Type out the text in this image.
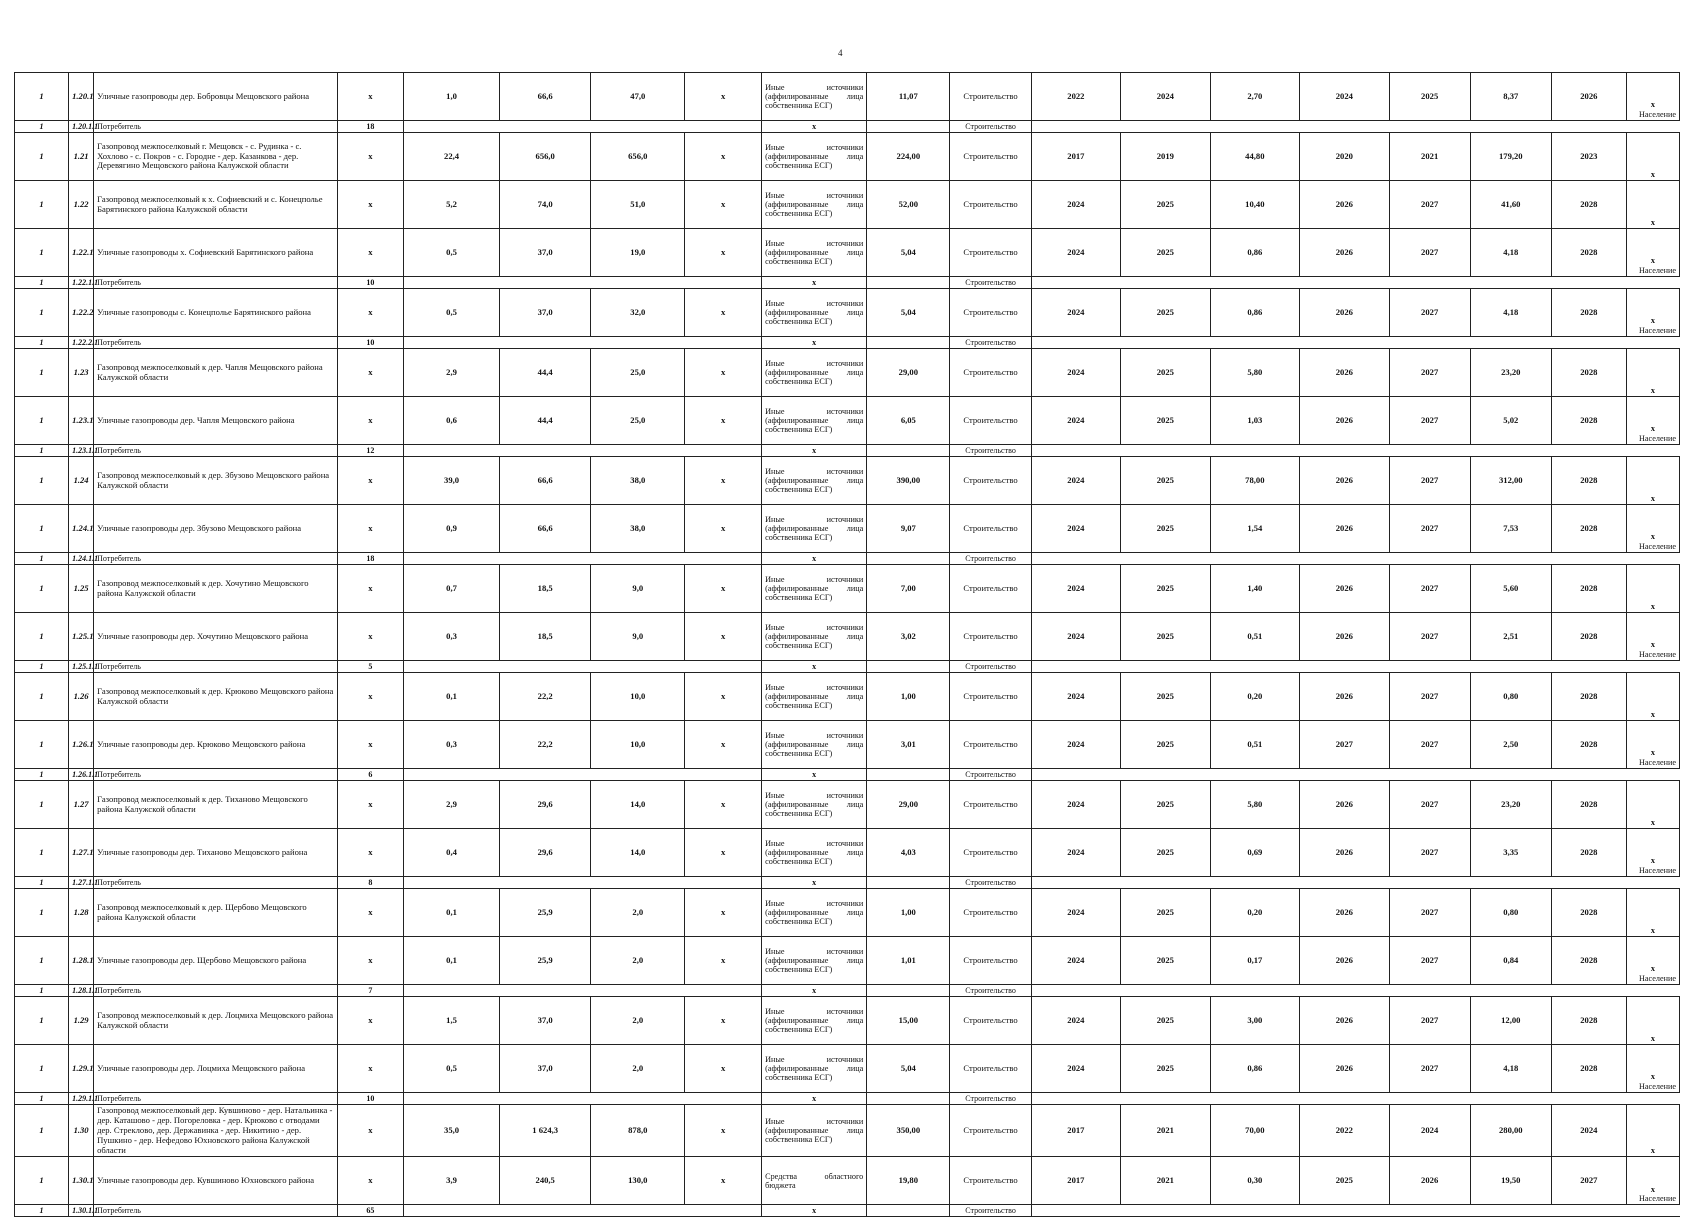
4
1	1.20.1	Уличные газопроводы дер. Бобровцы Мещовского района	х	1,0	66,6	47,0	х	Иные источники (аффилированные лица собственника ЕСГ)	11,07	Строительство	2022	2024	2,70	2024	2025	8,37	2026	х
Население

1	1.20.1.1	Потребитель	18					х		Строительство								
1	1.21	Газопровод межпоселковый г. Мещовск - с. Рудинка - с. Хохлово - с. Покров - с. Городнe - дер. Казанкова - дер. Деревягино Мещовского района Калужской области	х	22,4	656,0	656,0	х	Иные источники (аффилированные лица собственника ЕСГ)	224,00	Строительство	2017	2019	44,80	2020	2021	179,20	2023	х

1	1.22	Газопровод межпоселковый к х. Софиевский и с. Конецполье Барятинского района Калужской области	х	5,2	74,0	51,0	х	Иные источники (аффилированные лица собственника ЕСГ)	52,00	Строительство	2024	2025	10,40	2026	2027	41,60	2028	х

1	1.22.1	Уличные газопроводы х. Софиевский Барятинского района	х	0,5	37,0	19,0	х	Иные источники (аффилированные лица собственника ЕСГ)	5,04	Строительство	2024	2025	0,86	2026	2027	4,18	2028	х
Население

1	1.22.1.1	Потребитель	10					х		Строительство								
1	1.22.2	Уличные газопроводы с. Конецполье Барятинского района	х	0,5	37,0	32,0	х	Иные источники (аффилированные лица собственника ЕСГ)	5,04	Строительство	2024	2025	0,86	2026	2027	4,18	2028	х
Население

1	1.22.2.1	Потребитель	10					х		Строительство								
1	1.23	Газопровод межпоселковый к дер. Чапля Мещовского района Калужской области	х	2,9	44,4	25,0	х	Иные источники (аффилированные лица собственника ЕСГ)	29,00	Строительство	2024	2025	5,80	2026	2027	23,20	2028	х

1	1.23.1	Уличные газопроводы дер. Чапля Мещовского района	х	0,6	44,4	25,0	х	Иные источники (аффилированные лица собственника ЕСГ)	6,05	Строительство	2024	2025	1,03	2026	2027	5,02	2028	х
Население

1	1.23.1.1	Потребитель	12					х		Строительство								
1	1.24	Газопровод межпоселковый к дер. Збузово Мещовского района Калужской области	х	39,0	66,6	38,0	х	Иные источники (аффилированные лица собственника ЕСГ)	390,00	Строительство	2024	2025	78,00	2026	2027	312,00	2028	х

1	1.24.1	Уличные газопроводы дер. Збузово Мещовского района	х	0,9	66,6	38,0	х	Иные источники (аффилированные лица собственника ЕСГ)	9,07	Строительство	2024	2025	1,54	2026	2027	7,53	2028	х
Население

1	1.24.1.1	Потребитель	18					х		Строительство								
1	1.25	Газопровод межпоселковый к дер. Хочутино Мещовского района Калужской области	х	0,7	18,5	9,0	х	Иные источники (аффилированные лица собственника ЕСГ)	7,00	Строительство	2024	2025	1,40	2026	2027	5,60	2028	х

1	1.25.1	Уличные газопроводы дер. Хочутино Мещовского района	х	0,3	18,5	9,0	х	Иные источники (аффилированные лица собственника ЕСГ)	3,02	Строительство	2024	2025	0,51	2026	2027	2,51	2028	х
Население

1	1.25.1.1	Потребитель	5					х		Строительство								
1	1.26	Газопровод межпоселковый к дер. Крюково Мещовского района Калужской области	х	0,1	22,2	10,0	х	Иные источники (аффилированные лица собственника ЕСГ)	1,00	Строительство	2024	2025	0,20	2026	2027	0,80	2028	х

1	1.26.1	Уличные газопроводы дер. Крюково Мещовского района	х	0,3	22,2	10,0	х	Иные источники (аффилированные лица собственника ЕСГ)	3,01	Строительство	2024	2025	0,51	2027	2027	2,50	2028	х
Население

1	1.26.1.1	Потребитель	6					х		Строительство								
1	1.27	Газопровод межпоселковый к дер. Тиханово Мещовского района Калужской области	х	2,9	29,6	14,0	х	Иные источники (аффилированные лица собственника ЕСГ)	29,00	Строительство	2024	2025	5,80	2026	2027	23,20	2028	х

1	1.27.1	Уличные газопроводы дер. Тиханово Мещовского района	х	0,4	29,6	14,0	х	Иные источники (аффилированные лица собственника ЕСГ)	4,03	Строительство	2024	2025	0,69	2026	2027	3,35	2028	х
Население

1	1.27.1.1	Потребитель	8					х		Строительство								
1	1.28	Газопровод межпоселковый к дер. Щербово Мещовского района Калужской области	х	0,1	25,9	2,0	х	Иные источники (аффилированные лица собственника ЕСГ)	1,00	Строительство	2024	2025	0,20	2026	2027	0,80	2028	х

1	1.28.1	Уличные газопроводы дер. Щербово Мещовского района	х	0,1	25,9	2,0	х	Иные источники (аффилированные лица собственника ЕСГ)	1,01	Строительство	2024	2025	0,17	2026	2027	0,84	2028	х
Население

1	1.28.1.1	Потребитель	7					х		Строительство								
1	1.29	Газопровод межпоселковый к дер. Лоцмиха Мещовского района Калужской области	х	1,5	37,0	2,0	х	Иные источники (аффилированные лица собственника ЕСГ)	15,00	Строительство	2024	2025	3,00	2026	2027	12,00	2028	х

1	1.29.1	Уличные газопроводы дер. Лоцмиха Мещовского района	х	0,5	37,0	2,0	х	Иные источники (аффилированные лица собственника ЕСГ)	5,04	Строительство	2024	2025	0,86	2026	2027	4,18	2028	х
Население

1	1.29.1.1	Потребитель	10					х		Строительство								
1	1.30	Газопровод межпоселковый дер. Кувшиново - дер. Натальинка - дер. Каташово - дер. Погореловка - дер. Крюково с отводами дер. Стреклово, дер. Державинка - дер. Никитино - дер. Пушкино - дер. Нефедово Юхновского района Калужской области	х	35,0	1 624,3	878,0	х	Иные источники (аффилированные лица собственника ЕСГ)	350,00	Строительство	2017	2021	70,00	2022	2024	280,00	2024	х

1	1.30.1	Уличные газопроводы дер. Кувшиново Юхновского района	х	3,9	240,5	130,0	х	Средства областного бюджета	19,80	Строительство	2017	2021	0,30	2025	2026	19,50	2027	х
Население

1	1.30.1.1	Потребитель	65					х		Строительство								
